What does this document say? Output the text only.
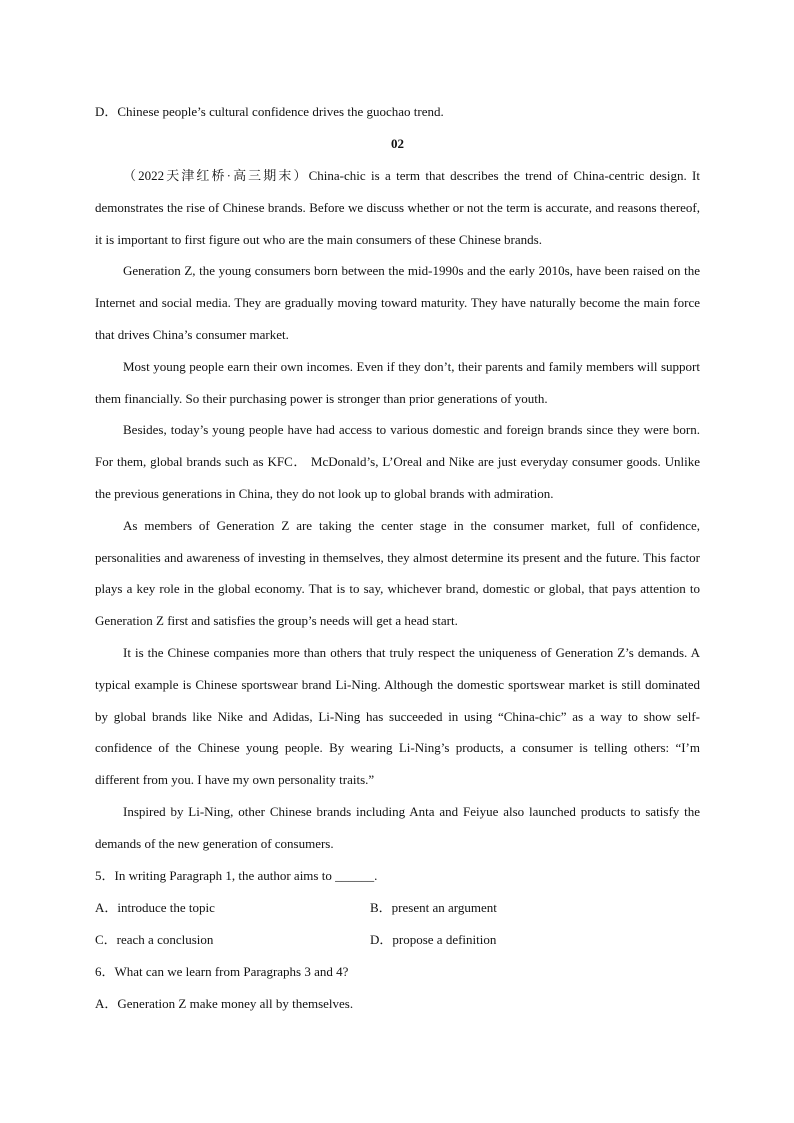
D．Chinese people’s cultural confidence drives the guochao trend.

02

（2022天津红桥·高三期末）China-chic is a term that describes the trend of China-centric design. It demonstrates the rise of Chinese brands. Before we discuss whether or not the term is accurate, and reasons thereof, it is important to first figure out who are the main consumers of these Chinese brands.

Generation Z, the young consumers born between the mid-1990s and the early 2010s, have been raised on the Internet and social media. They are gradually moving toward maturity. They have naturally become the main force that drives China’s consumer market.

Most young people earn their own incomes. Even if they don’t, their parents and family members will support them financially. So their purchasing power is stronger than prior generations of youth.

Besides, today’s young people have had access to various domestic and foreign brands since they were born. For them, global brands such as KFC． McDonald’s, L’Oreal and Nike are just everyday consumer goods. Unlike the previous generations in China, they do not look up to global brands with admiration.

As members of Generation Z are taking the center stage in the consumer market, full of confidence, personalities and awareness of investing in themselves, they almost determine its present and the future. This factor plays a key role in the global economy. That is to say, whichever brand, domestic or global, that pays attention to Generation Z first and satisfies the group’s needs will get a head start.

It is the Chinese companies more than others that truly respect the uniqueness of Generation Z’s demands. A typical example is Chinese sportswear brand Li-Ning. Although the domestic sportswear market is still dominated by global brands like Nike and Adidas, Li-Ning has succeeded in using “China-chic” as a way to show self-confidence of the Chinese young people. By wearing Li-Ning’s products, a consumer is telling others: “I’m different from you. I have my own personality traits.”

Inspired by Li-Ning, other Chinese brands including Anta and Feiyue also launched products to satisfy the demands of the new generation of consumers.

5．In writing Paragraph 1, the author aims to ______.

A．introduce the topic	B．present an argument
C．reach a conclusion	D．propose a definition

6．What can we learn from Paragraphs 3 and 4?

A．Generation Z make money all by themselves.
